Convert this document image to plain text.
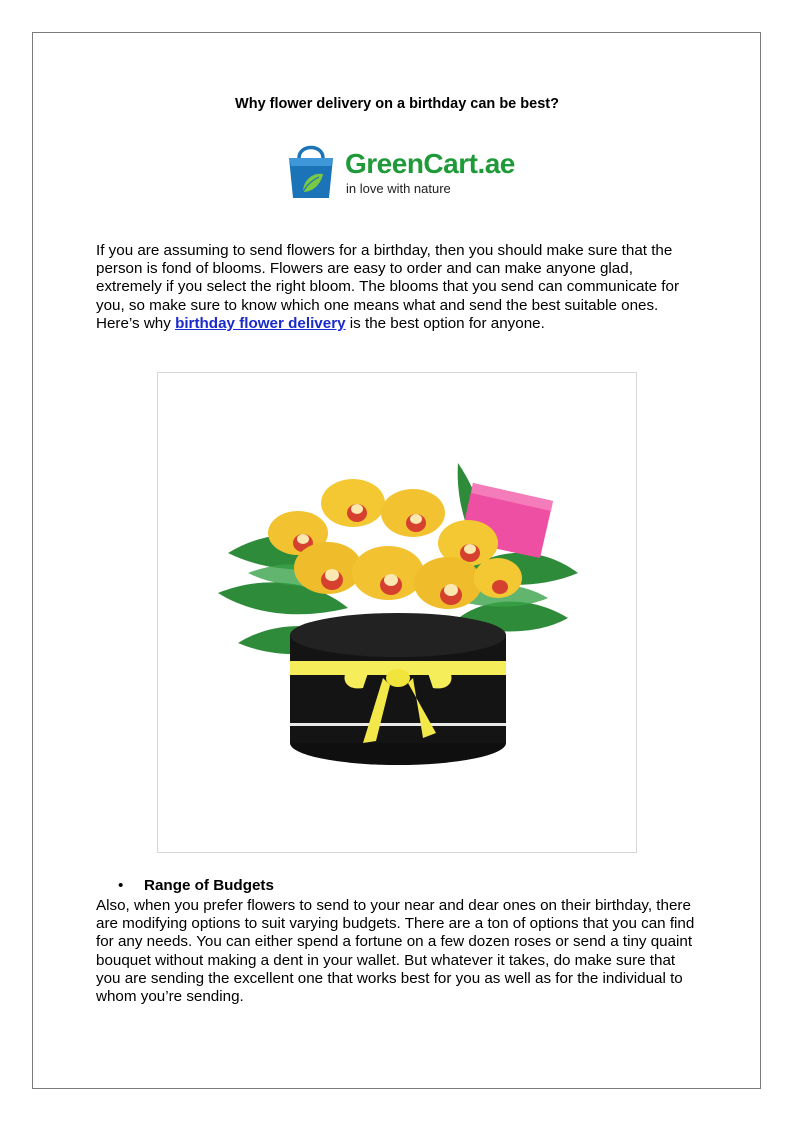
Why flower delivery on a birthday can be best?
GreenCart.ae
in love with nature
If you are assuming to send flowers for a birthday, then you should make sure that the person is fond of blooms. Flowers are easy to order and can make anyone glad, extremely if you select the right bloom. The blooms that you send can communicate for you, so make sure to know which one means what and send the best suitable ones. Here’s why birthday flower delivery is the best option for anyone.
• Range of Budgets
Also, when you prefer flowers to send to your near and dear ones on their birthday, there are modifying options to suit varying budgets. There are a ton of options that you can find for any needs. You can either spend a fortune on a few dozen roses or send a tiny quaint bouquet without making a dent in your wallet. But whatever it takes, do make sure that you are sending the excellent one that works best for you as well as for the individual to whom you’re sending.
